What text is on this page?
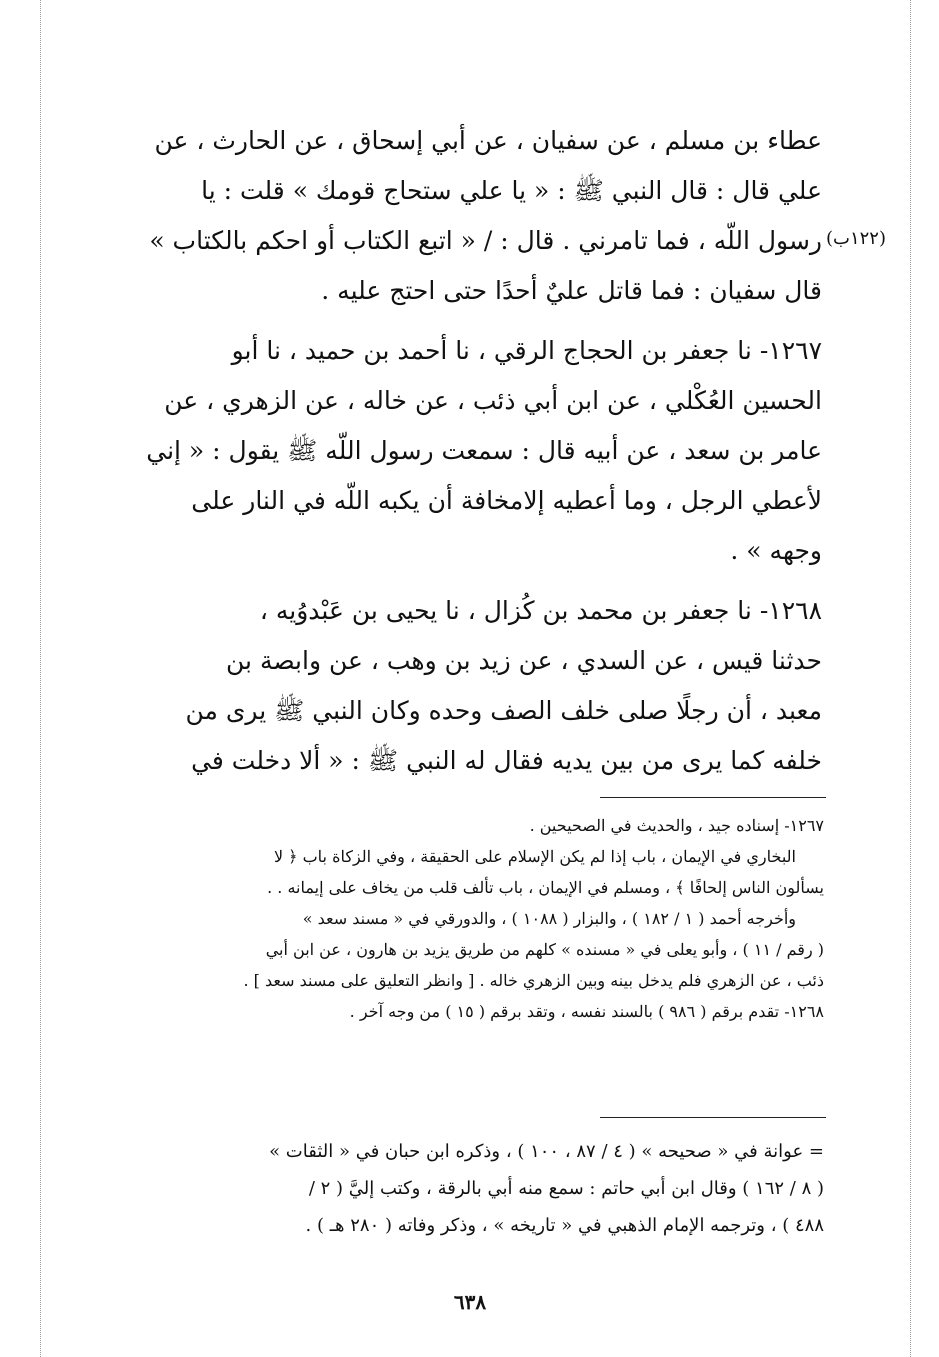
عطاء بن مسلم ، عن سفيان ، عن أبي إسحاق ، عن الحارث ، عن
علي قال : قال النبي ﷺ : « يا علي ستحاج قومك » قلت : يا
رسول اللّه ، فما تامرني . قال : / « اتبع الكتاب أو احكم بالكتاب »
قال سفيان : فما قاتل عليٌ أحدًا حتى احتج عليه .
(١٢٢ب)
١٢٦٧- نا جعفر بن الحجاج الرقي ، نا أحمد بن حميد ، نا أبو
الحسين العُكْلي ، عن ابن أبي ذئب ، عن خاله ، عن الزهري ، عن
عامر بن سعد ، عن أبيه قال : سمعت رسول اللّه ﷺ يقول : « إني
لأعطي الرجل ، وما أعطيه إلامخافة أن يكبه اللّه في النار على
وجهه » .
١٢٦٨- نا جعفر بن محمد بن كُزال ، نا يحيى بن عَبْدوُيه ،
حدثنا قيس ، عن السدي ، عن زيد بن وهب ، عن وابصة بن
معبد ، أن رجلًا صلى خلف الصف وحده وكان النبي ﷺ يرى من
خلفه كما يرى من بين يديه فقال له النبي ﷺ : « ألا دخلت في
١٢٦٧- إسناده جيد ، والحديث في الصحيحين .
البخاري في الإيمان ، باب إذا لم يكن الإسلام على الحقيقة ، وفي الزكاة باب ﴿ لا
يسألون الناس إلحافًا ﴾ ، ومسلم في الإيمان ، باب تألف قلب من يخاف على إيمانه . .
وأخرجه أحمد ( ١ / ١٨٢ ) ، والبزار ( ١٠٨٨ ) ، والدورقي في « مسند سعد »
( رقم / ١١ ) ، وأبو يعلى في « مسنده » كلهم من طريق يزيد بن هارون ، عن ابن أبي
ذئب ، عن الزهري فلم يدخل بينه وبين الزهري خاله . [ وانظر التعليق على مسند سعد ] .
١٢٦٨- تقدم برقم ( ٩٨٦ ) بالسند نفسه ، وتقد برقم ( ١٥ ) من وجه آخر .
= عوانة في « صحيحه » ( ٤ / ٨٧ ، ١٠٠ ) ، وذكره ابن حبان في « الثقات »
( ٨ / ١٦٢ ) وقال ابن أبي حاتم : سمع منه أبي بالرقة ، وكتب إليَّ ( ٢ /
٤٨٨ ) ، وترجمه الإمام الذهبي في « تاريخه » ، وذكر وفاته ( ٢٨٠ هـ ) .
٦٣٨
